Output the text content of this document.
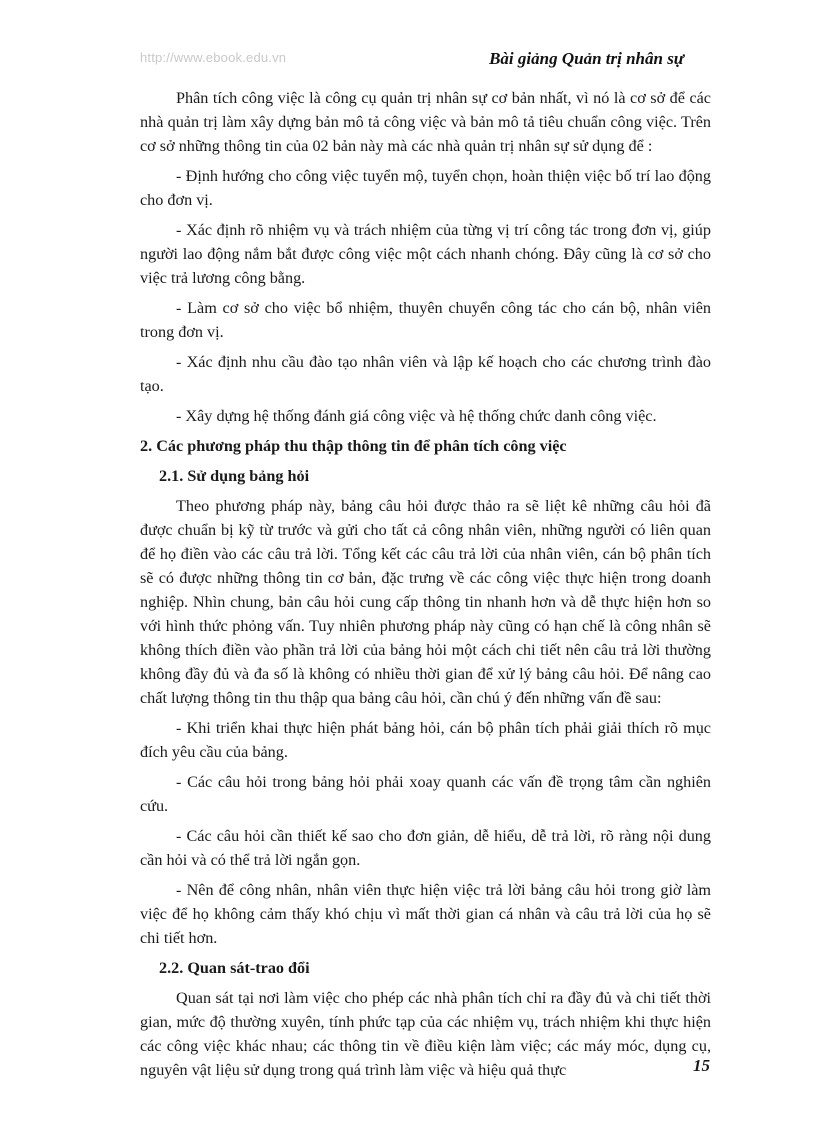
http://www.ebook.edu.vn	Bài giảng Quản trị nhân sự

Phân tích công việc là công cụ quản trị nhân sự cơ bản nhất, vì nó là cơ sở để các nhà quản trị làm xây dựng bản mô tả công việc và bản mô tả tiêu chuẩn công việc. Trên cơ sở những thông tin của 02 bản này mà các nhà quản trị nhân sự sử dụng để :

- Định hướng cho công việc tuyển mộ, tuyển chọn, hoàn thiện việc bố trí lao động cho đơn vị.

- Xác định rõ nhiệm vụ và trách nhiệm của từng vị trí công tác trong đơn vị, giúp người lao động nắm bắt được công việc một cách nhanh chóng. Đây cũng là cơ sở cho việc trả lương công bằng.

- Làm cơ sở cho việc bổ nhiệm, thuyên chuyển công tác cho cán bộ, nhân viên trong đơn vị.

- Xác định nhu cầu đào tạo nhân viên và lập kế hoạch cho các chương trình đào tạo.

- Xây dựng hệ thống đánh giá công việc và hệ thống chức danh công việc.

2. Các phương pháp thu thập thông tin để phân tích công việc
2.1. Sử dụng bảng hỏi

Theo phương pháp này, bảng câu hỏi được thảo ra sẽ liệt kê những câu hỏi đã được chuẩn bị kỹ từ trước và gửi cho tất cả công nhân viên, những người có liên quan để họ điền vào các câu trả lời. Tổng kết các câu trả lời của nhân viên, cán bộ phân tích sẽ có được những thông tin cơ bản, đặc trưng về các công việc thực hiện trong doanh nghiệp. Nhìn chung, bản câu hỏi cung cấp thông tin nhanh hơn và dễ thực hiện hơn so với hình thức phỏng vấn. Tuy nhiên phương pháp này cũng có hạn chế là công nhân sẽ không thích điền vào phần trả lời của bảng hỏi một cách chi tiết nên câu trả lời thường không đầy đủ và đa số là không có nhiều thời gian để xử lý bảng câu hỏi. Để nâng cao chất lượng thông tin thu thập qua bảng câu hỏi, cần chú ý đến những vấn đề sau:

- Khi triển khai thực hiện phát bảng hỏi, cán bộ phân tích phải giải thích rõ mục đích yêu cầu của bảng.

- Các câu hỏi trong bảng hỏi phải xoay quanh các vấn đề trọng tâm cần nghiên cứu.

- Các câu hỏi cần thiết kế sao cho đơn giản, dễ hiểu, dễ trả lời, rõ ràng nội dung cần hỏi và có thể trả lời ngắn gọn.

- Nên để công nhân, nhân viên thực hiện việc trả lời bảng câu hỏi trong giờ làm việc để họ không cảm thấy khó chịu vì mất thời gian cá nhân và câu trả lời của họ sẽ chi tiết hơn.

2.2. Quan sát-trao đổi

Quan sát tại nơi làm việc cho phép các nhà phân tích chỉ ra đầy đủ và chi tiết thời gian, mức độ thường xuyên, tính phức tạp của các nhiệm vụ, trách nhiệm khi thực hiện các công việc khác nhau; các thông tin về điều kiện làm việc; các máy móc, dụng cụ, nguyên vật liệu sử dụng trong quá trình làm việc và hiệu quả thực	15
